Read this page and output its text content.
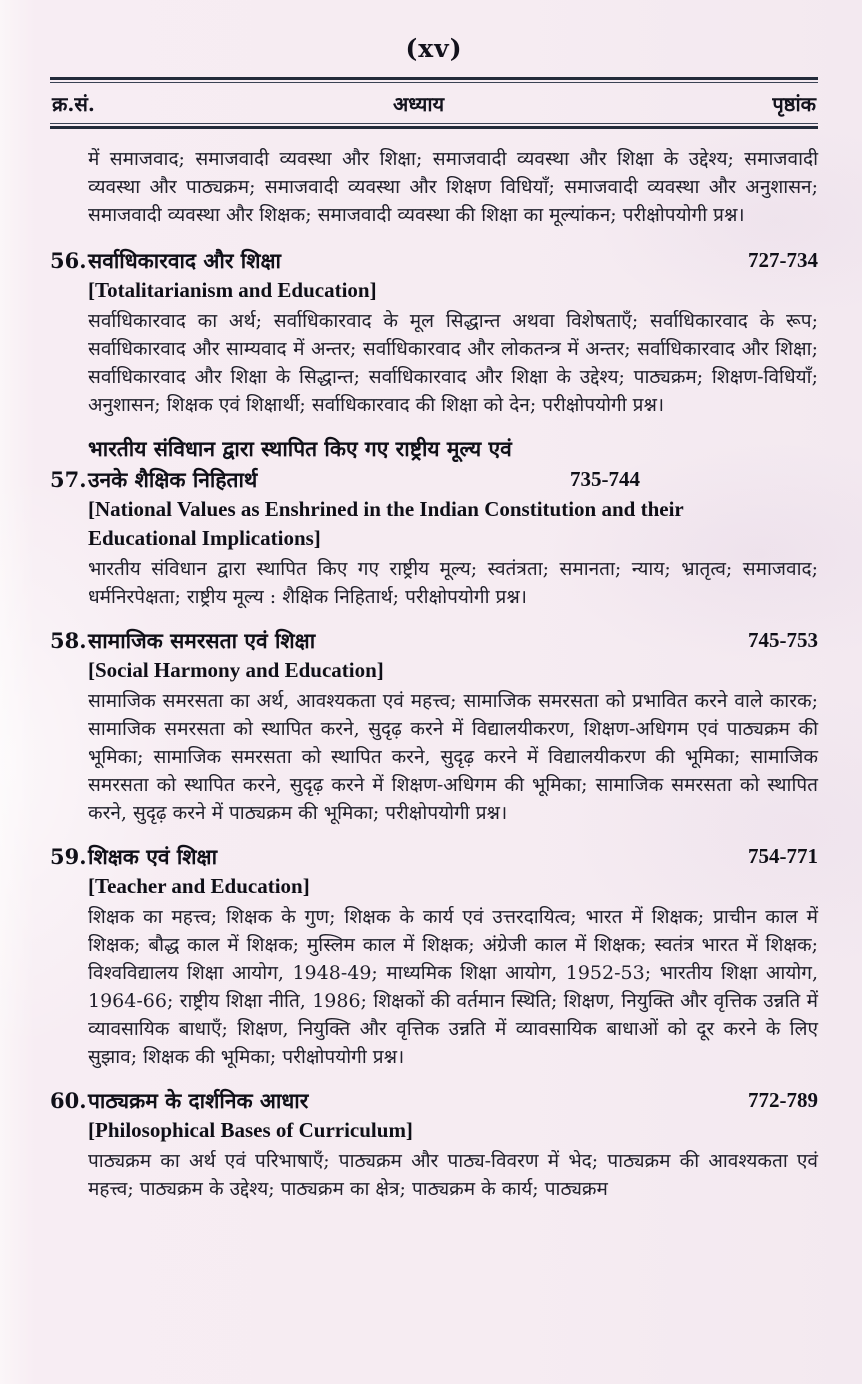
(xv)
क्र.सं.	अध्याय	पृष्ठांक

में समाजवाद; समाजवादी व्यवस्था और शिक्षा; समाजवादी व्यवस्था और शिक्षा के उद्देश्य; समाजवादी व्यवस्था और पाठ्यक्रम; समाजवादी व्यवस्था और शिक्षण विधियाँ; समाजवादी व्यवस्था और अनुशासन; समाजवादी व्यवस्था और शिक्षक; समाजवादी व्यवस्था की शिक्षा का मूल्यांकन; परीक्षोपयोगी प्रश्न।

56. सर्वाधिकारवाद और शिक्षा	727-734
[Totalitarianism and Education]

सर्वाधिकारवाद का अर्थ; सर्वाधिकारवाद के मूल सिद्धान्त अथवा विशेषताएँ; सर्वाधिकारवाद के रूप; सर्वाधिकारवाद और साम्यवाद में अन्तर; सर्वाधिकारवाद और लोकतन्त्र में अन्तर; सर्वाधिकारवाद और शिक्षा; सर्वाधिकारवाद और शिक्षा के सिद्धान्त; सर्वाधिकारवाद और शिक्षा के उद्देश्य; पाठ्यक्रम; शिक्षण-विधियाँ; अनुशासन; शिक्षक एवं शिक्षार्थी; सर्वाधिकारवाद की शिक्षा को देन; परीक्षोपयोगी प्रश्न।

57.
भारतीय संविधान द्वारा स्थापित किए गए राष्ट्रीय मूल्य एवं उनके शैक्षिक निहितार्थ	735-744
[National Values as Enshrined in the Indian Constitution and their Educational Implications]

भारतीय संविधान द्वारा स्थापित किए गए राष्ट्रीय मूल्य; स्वतंत्रता; समानता; न्याय; भ्रातृत्व; समाजवाद; धर्मनिरपेक्षता; राष्ट्रीय मूल्य : शैक्षिक निहितार्थ; परीक्षोपयोगी प्रश्न।

58. सामाजिक समरसता एवं शिक्षा	745-753
[Social Harmony and Education]

सामाजिक समरसता का अर्थ, आवश्यकता एवं महत्त्व; सामाजिक समरसता को प्रभावित करने वाले कारक; सामाजिक समरसता को स्थापित करने, सुदृढ़ करने में विद्यालयीकरण, शिक्षण-अधिगम एवं पाठ्यक्रम की भूमिका; सामाजिक समरसता को स्थापित करने, सुदृढ़ करने में विद्यालयीकरण की भूमिका; सामाजिक समरसता को स्थापित करने, सुदृढ़ करने में शिक्षण-अधिगम की भूमिका; सामाजिक समरसता को स्थापित करने, सुदृढ़ करने में पाठ्यक्रम की भूमिका; परीक्षोपयोगी प्रश्न।

59. शिक्षक एवं शिक्षा	754-771
[Teacher and Education]

शिक्षक का महत्त्व; शिक्षक के गुण; शिक्षक के कार्य एवं उत्तरदायित्व; भारत में शिक्षक; प्राचीन काल में शिक्षक; बौद्ध काल में शिक्षक; मुस्लिम काल में शिक्षक; अंग्रेजी काल में शिक्षक; स्वतंत्र भारत में शिक्षक; विश्वविद्यालय शिक्षा आयोग, 1948-49; माध्यमिक शिक्षा आयोग, 1952-53; भारतीय शिक्षा आयोग, 1964-66; राष्ट्रीय शिक्षा नीति, 1986; शिक्षकों की वर्तमान स्थिति; शिक्षण, नियुक्ति और वृत्तिक उन्नति में व्यावसायिक बाधाएँ; शिक्षण, नियुक्ति और वृत्तिक उन्नति में व्यावसायिक बाधाओं को दूर करने के लिए सुझाव; शिक्षक की भूमिका; परीक्षोपयोगी प्रश्न।

60. पाठ्यक्रम के दार्शनिक आधार	772-789
[Philosophical Bases of Curriculum]

पाठ्यक्रम का अर्थ एवं परिभाषाएँ; पाठ्यक्रम और पाठ्य-विवरण में भेद; पाठ्यक्रम की आवश्यकता एवं महत्त्व; पाठ्यक्रम के उद्देश्य; पाठ्यक्रम का क्षेत्र; पाठ्यक्रम के कार्य; पाठ्यक्रम
